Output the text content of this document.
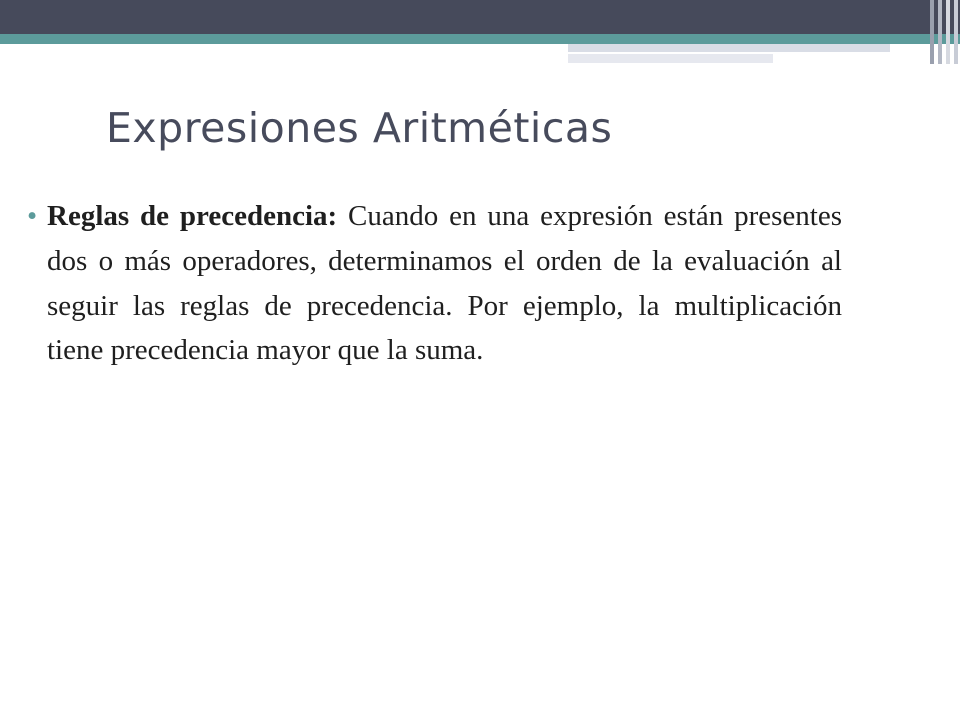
Expresiones Aritméticas
• Reglas de precedencia: Cuando en una expresión están presentes dos o más operadores, determinamos el orden de la evaluación al seguir las reglas de precedencia. Por ejemplo, la multiplicación tiene precedencia mayor que la suma.
